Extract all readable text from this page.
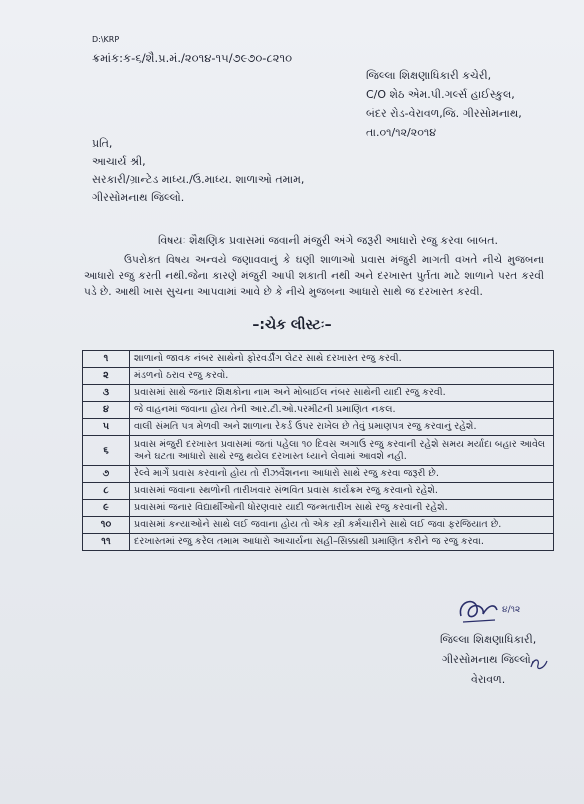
D:\KRP
ક્રમાંક:ક-૬/શૈ.પ્ર.મં./૨૦૧૪-૧૫/૭૯૭૦-૮૨૧૦
જિલ્લા શિક્ષણાધિકારી કચેરી,
C/O શેઠ એમ.પી.ગર્લ્સ હાઈસ્કુલ,
બંદર રોડ-વેરાવળ,જિ. ગીરસોમનાથ,
તા.૦૧/૧૨/૨૦૧૪
પ્રતિ,
આચાર્ય શ્રી,
સરકારી/ગ્રાન્ટેડ માધ્ય./ઉ.માધ્ય. શાળાઓ તમામ,
ગીરસોમનાથ જિલ્લો.
વિષયઃ શૈક્ષણિક પ્રવાસમાં જવાની મંજુરી અંગે જરૂરી આધારો રજુ કરવા બાબત.
ઉપરોક્ત વિષય અન્વયે જણાવવાનું કે ઘણી શાળાઓ પ્રવાસ મંજુરી માગતી વખતે નીચે મુજબના આધારો રજુ કરતી નથી.જેના કારણે મંજુરી આપી શકાતી નથી અને દરખાસ્ત પુર્તતા માટે શાળાને પરત કરવી પડે છે. આથી ખાસ સુચના આપવામાં આવે છે કે નીચે મુજબના આધારો સાથે જ દરખાસ્ત કરવી.
–:ચેક લીસ્ટઃ–
૧	શાળાનો જાવક નંબર સાથેનો ફોરવર્ડીંગ લેટર સાથે દરખાસ્ત રજુ કરવી.
૨	મંડળનો ઠરાવ રજુ કરવો.
૩	પ્રવાસમાં સાથે જનાર શિક્ષકોના નામ અને મોબાઈલ નંબર સાથેની યાદી રજુ કરવી.
૪	જે વાહનમાં જવાના હોય તેની આર.ટી.ઓ.પરમીટની પ્રમાણિત નકલ.
૫	વાલી સંમતિ પત્ર મેળવી અને શાળાના રેકર્ડ ઉપર રાખેલ છે તેવું પ્રમાણપત્ર રજુ કરવાનું રહેશે.
૬	પ્રવાસ મંજુરી દરખાસ્ત પ્રવાસમાં જતાં પહેલા ૧૦ દિવસ અગાઉ રજુ કરવાની રહેશે સમય મર્યાદા બહાર આવેલ અને ઘટતા આધારો સાથે રજુ થયેલ દરખાસ્ત ધ્યાને લેવામાં આવશે નહી.
૭	રેલ્વે માર્ગે પ્રવાસ કરવાનો હોય તો રીઝર્વેશનના આધારો સાથે રજુ કરવા જરૂરી છે.
૮	પ્રવાસમાં જવાના સ્થળોની તારીખવાર સંભવિત પ્રવાસ કાર્યક્રમ રજુ કરવાનો રહેશે.
૯	પ્રવાસમાં જનાર વિદ્યાર્થીઓની ધોરણવાર યાદી જન્મતારીખ સાથે રજુ કરવાની રહેશે.
૧૦	પ્રવાસમાં કન્યાઓને સાથે લઈ જવાના હોય તો એક સ્ત્રી કર્મચારીને સાથે લઈ જવા ફરજિયાત છે.
૧૧	દરખાસ્તમાં રજુ કરેલ તમામ આધારો આચાર્યના સહી–સિક્કાથી પ્રમાણિત કરીને જ રજુ કરવા.
૪/૧૨
જિલ્લા શિક્ષણાધિકારી,
ગીરસોમનાથ જિલ્લો,
વેરાવળ.
